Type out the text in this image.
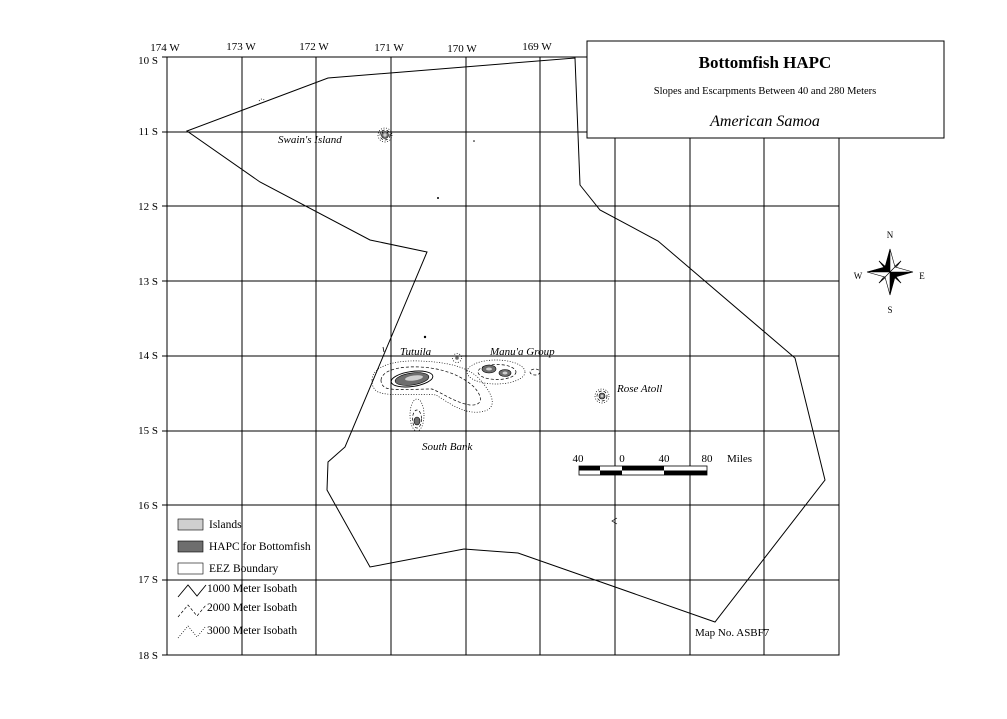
174 W	173 W	172 W	171 W	170 W	169 W
10 S
11 S
12 S
13 S
14 S
15 S
16 S
17 S
18 S
Swain's Island
Tutuila	Manu'a Group
Rose Atoll
South Bank
40	0	40	80 Miles
Map No. ASBF7
Islands
HAPC for Bottomfish
EEZ Boundary
1000 Meter Isobath
2000 Meter Isobath
3000 Meter Isobath
N
S
W	E
Bottomfish HAPC
Slopes and Escarpments Between 40 and 280 Meters
American Samoa
